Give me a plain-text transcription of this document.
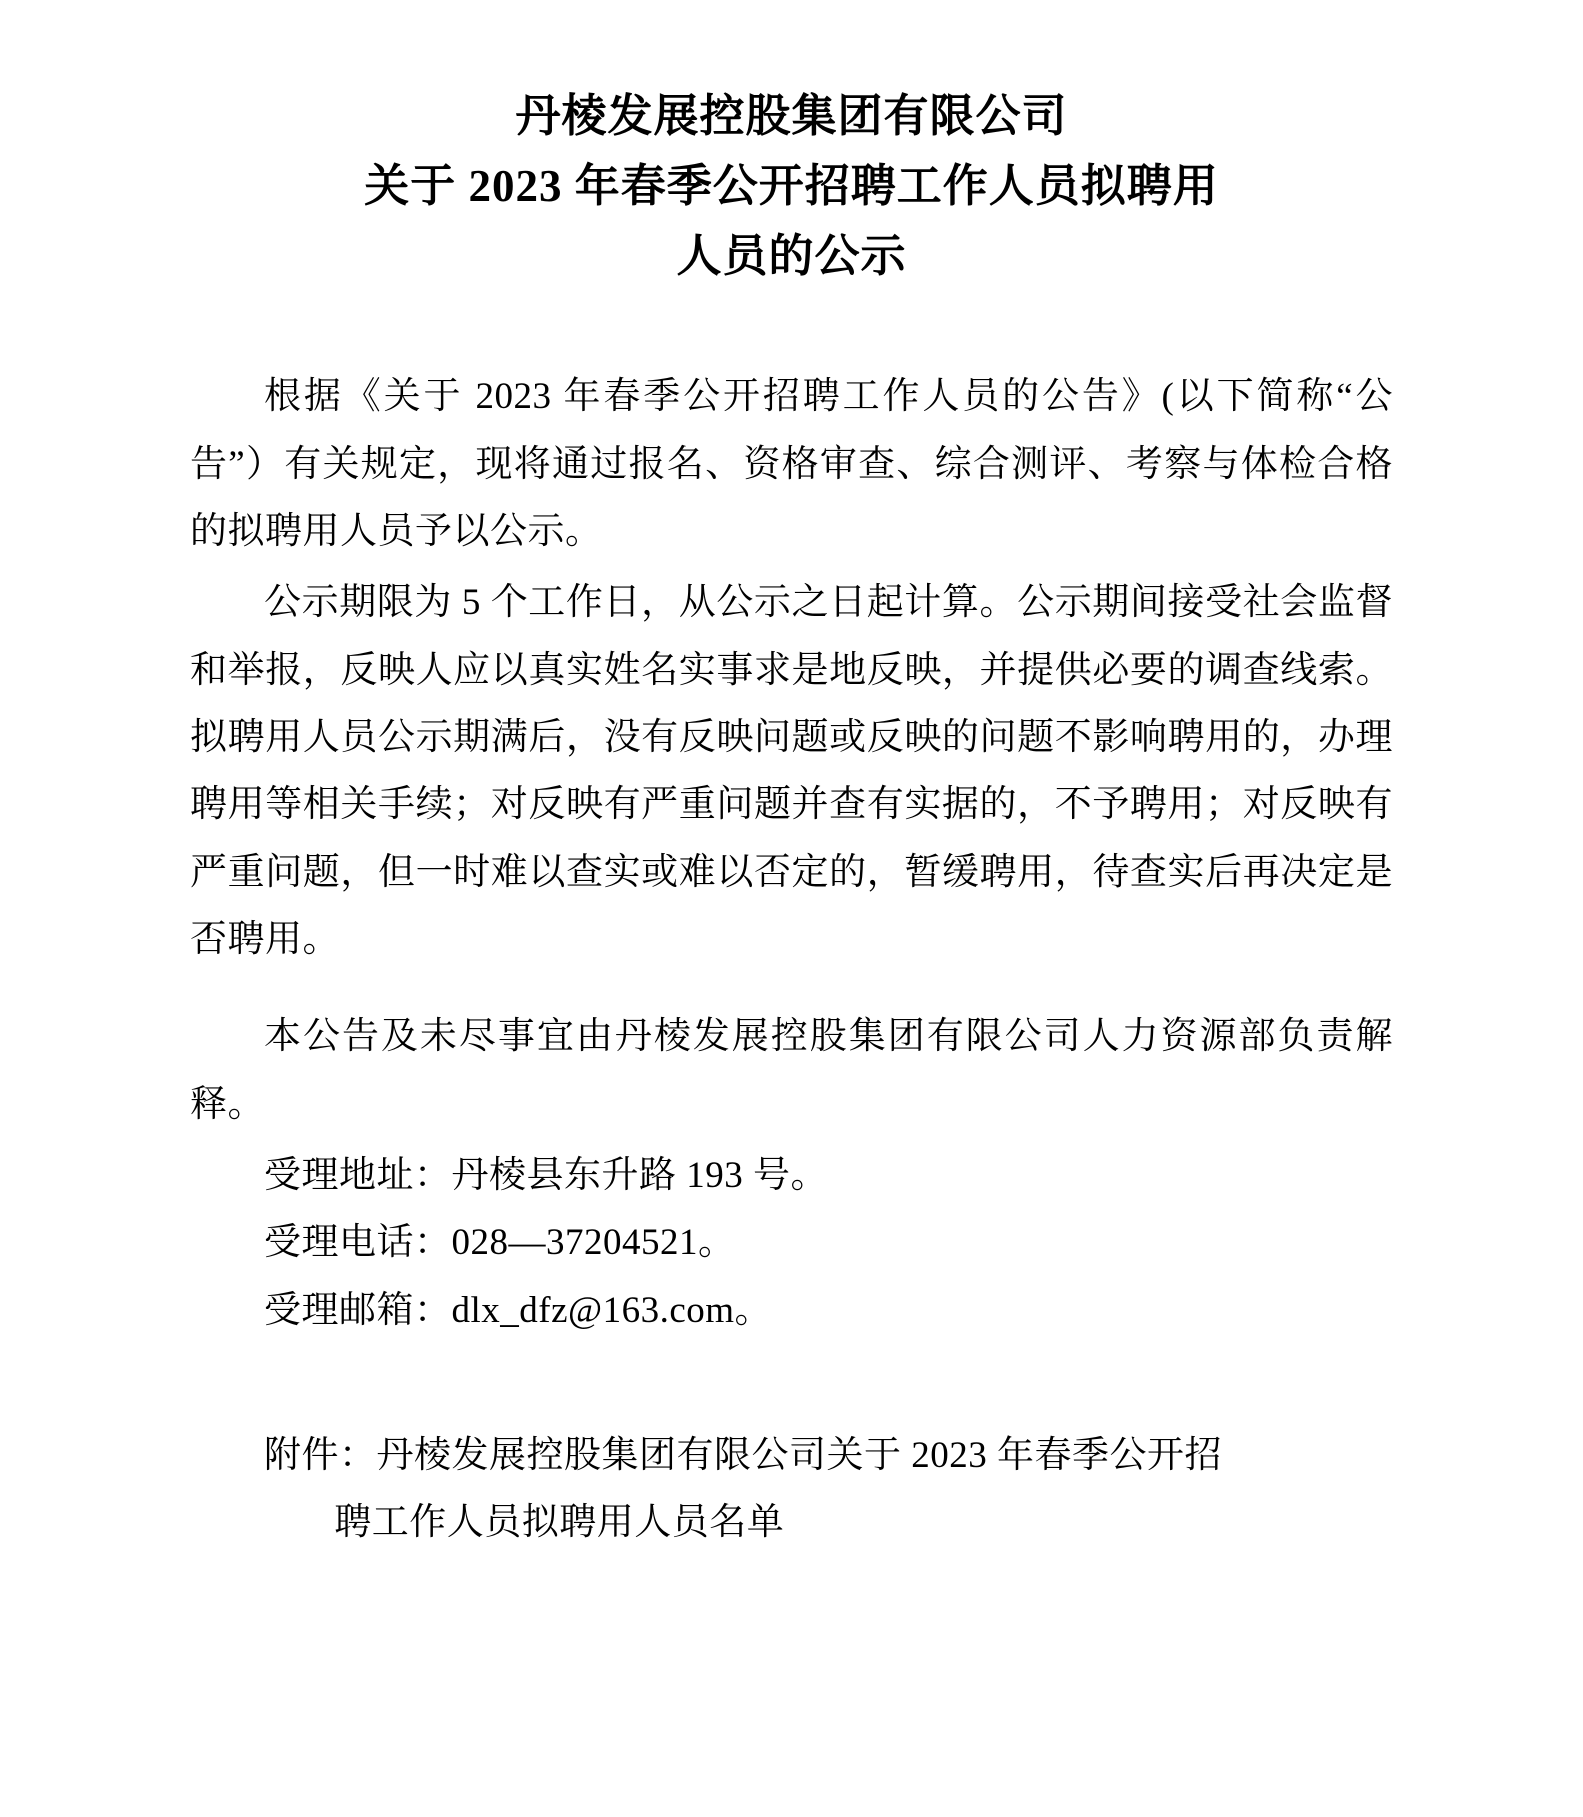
丹棱发展控股集团有限公司
关于 2023 年春季公开招聘工作人员拟聘用
人员的公示

根据《关于 2023 年春季公开招聘工作人员的公告》(以下简称“公告”）有关规定，现将通过报名、资格审查、综合测评、考察与体检合格的拟聘用人员予以公示。

公示期限为 5 个工作日，从公示之日起计算。公示期间接受社会监督和举报，反映人应以真实姓名实事求是地反映，并提供必要的调查线索。拟聘用人员公示期满后，没有反映问题或反映的问题不影响聘用的，办理聘用等相关手续；对反映有严重问题并查有实据的，不予聘用；对反映有严重问题，但一时难以查实或难以否定的，暂缓聘用，待查实后再决定是否聘用。

本公告及未尽事宜由丹棱发展控股集团有限公司人力资源部负责解释。

受理地址：丹棱县东升路 193 号。

受理电话：028—37204521。

受理邮箱：dlx_dfz@163.com。

附件：丹棱发展控股集团有限公司关于 2023 年春季公开招

聘工作人员拟聘用人员名单
